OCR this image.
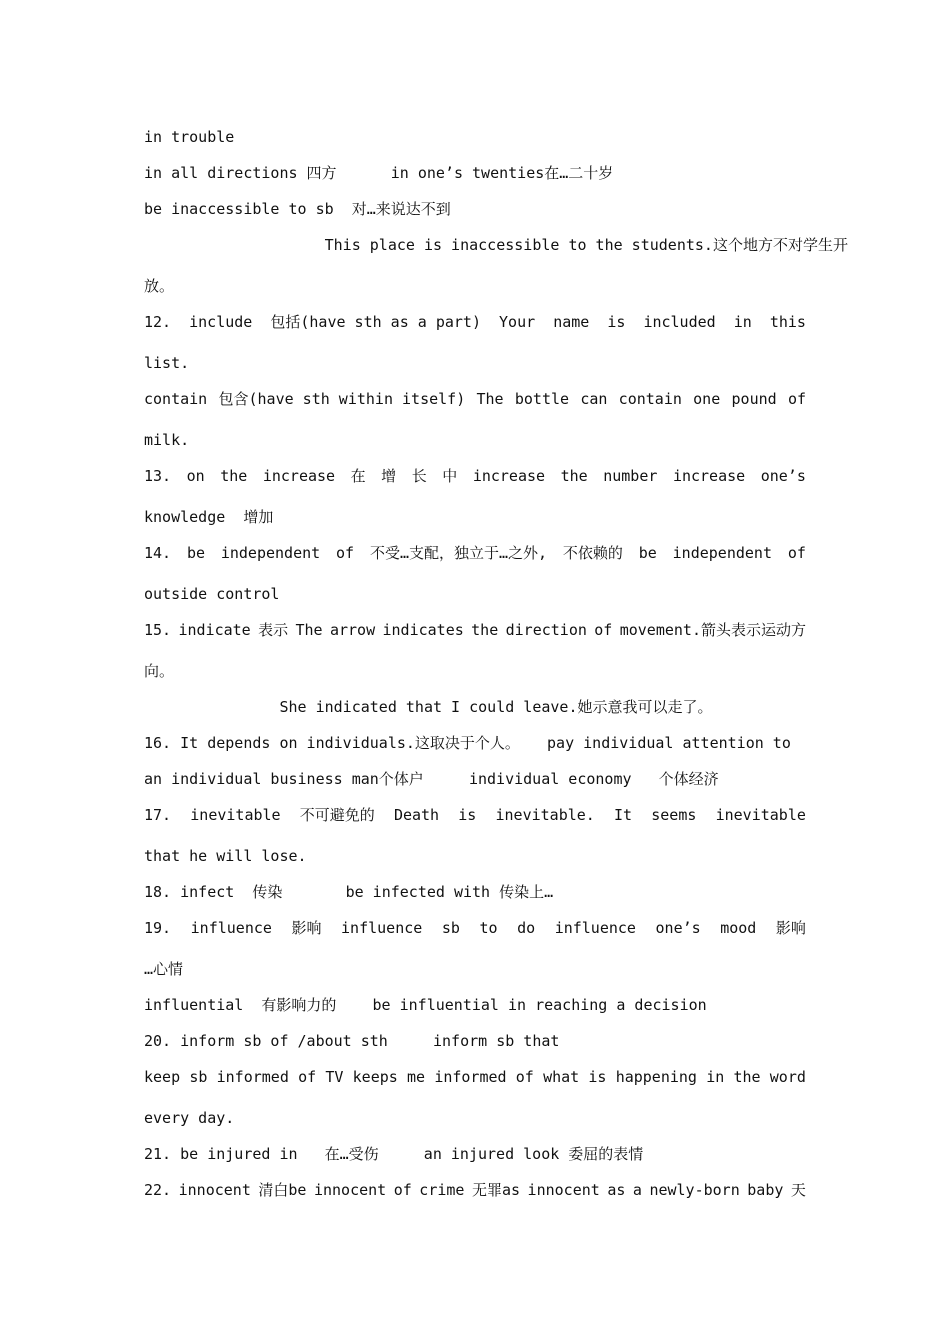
in trouble
in all directions 四方      in one’s twenties在…二十岁
be inaccessible to sb  对…来说达不到
This place is inaccessible to the students.这个地方不对学生开
放。
12. include 包括(have sth as a part) Your name is included in this
list.
contain 包含(have sth within itself) The bottle can contain one pound of
milk.
13. on the increase 在 增 长 中 increase the number increase one’s
knowledge  增加
14. be independent of 不受…支配，独立于…之外, 不依赖的 be independent of
outside control
15. indicate 表示 The arrow indicates the direction of movement.箭头表示运动方
向。
She indicated that I could leave.她示意我可以走了。
16. It depends on individuals.这取决于个人。   pay individual attention to
an individual business man个体户     individual economy   个体经济
17. inevitable 不可避免的 Death is inevitable. It seems inevitable
that he will lose.
18. infect  传染       be infected with 传染上…
19. influence 影响 influence sb to do influence one’s mood 影响
…心情
influential  有影响力的    be influential in reaching a decision
20. inform sb of /about sth     inform sb that
keep sb informed of TV keeps me informed of what is happening in the word
every day.
21. be injured in   在…受伤     an injured look 委屈的表情
22. innocent 清白be innocent of crime 无罪as innocent as a newly-born baby 天
